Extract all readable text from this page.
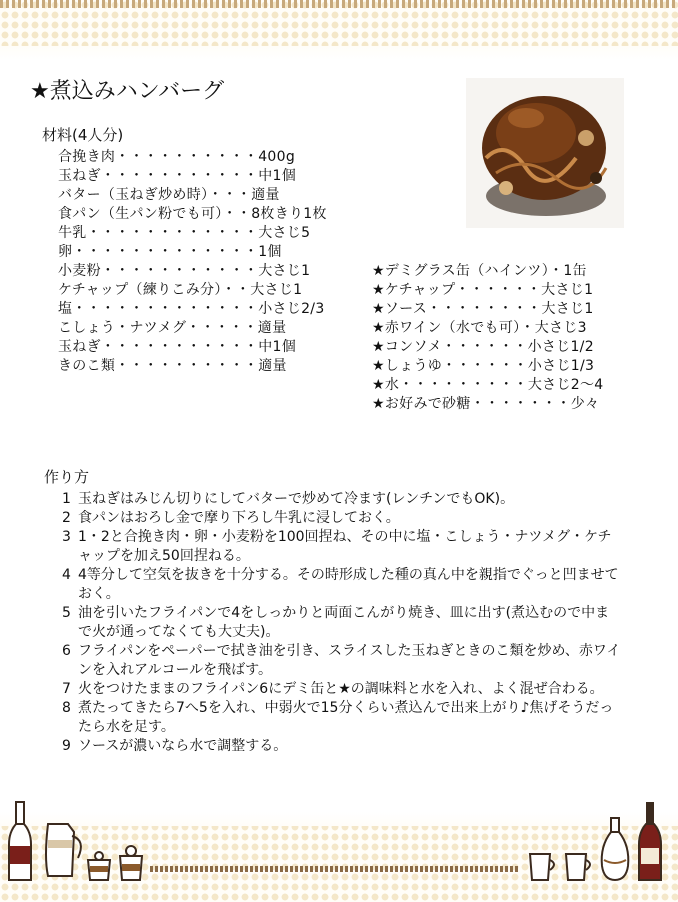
★煮込みハンバーグ
材料(4人分)
合挽き肉・・・・・・・・・・400g
玉ねぎ・・・・・・・・・・・中1個
バター（玉ねぎ炒め時）・・・適量
食パン（生パン粉でも可）・・8枚きり1枚
牛乳・・・・・・・・・・・・大さじ5
卵・・・・・・・・・・・・・1個
小麦粉・・・・・・・・・・・大さじ1
ケチャップ（練りこみ分）・・大さじ1
塩・・・・・・・・・・・・・小さじ2/3
こしょう・ナツメグ・・・・・適量
玉ねぎ・・・・・・・・・・・中1個
きのこ類・・・・・・・・・・適量
★デミグラス缶（ハインツ）・1缶
★ケチャップ・・・・・・大さじ1
★ソース・・・・・・・・大さじ1
★赤ワイン（水でも可）・大さじ3
★コンソメ・・・・・・小さじ1/2
★しょうゆ・・・・・・小さじ1/3
★水・・・・・・・・・大さじ2～4
★お好みで砂糖・・・・・・・少々
作り方
1 玉ねぎはみじん切りにしてバターで炒めて冷ます(レンチンでもOK)。
2 食パンはおろし金で摩り下ろし牛乳に浸しておく。
3 1・2と合挽き肉・卵・小麦粉を100回捏ね、その中に塩・こしょう・ナツメグ・ケチャップを加え50回捏ねる。
4 4等分して空気を抜きを十分する。その時形成した種の真ん中を親指でぐっと凹ませておく。
5 油を引いたフライパンで4をしっかりと両面こんがり焼き、皿に出す(煮込むので中まで火が通ってなくても大丈夫)。
6 フライパンをペーパーで拭き油を引き、スライスした玉ねぎときのこ類を炒め、赤ワインを入れアルコールを飛ばす。
7 火をつけたままのフライパン6にデミ缶と★の調味料と水を入れ、よく混ぜ合わる。
8 煮たってきたら7へ5を入れ、中弱火で15分くらい煮込んで出来上がり♪焦げそうだったら水を足す。
9 ソースが濃いなら水で調整する。
